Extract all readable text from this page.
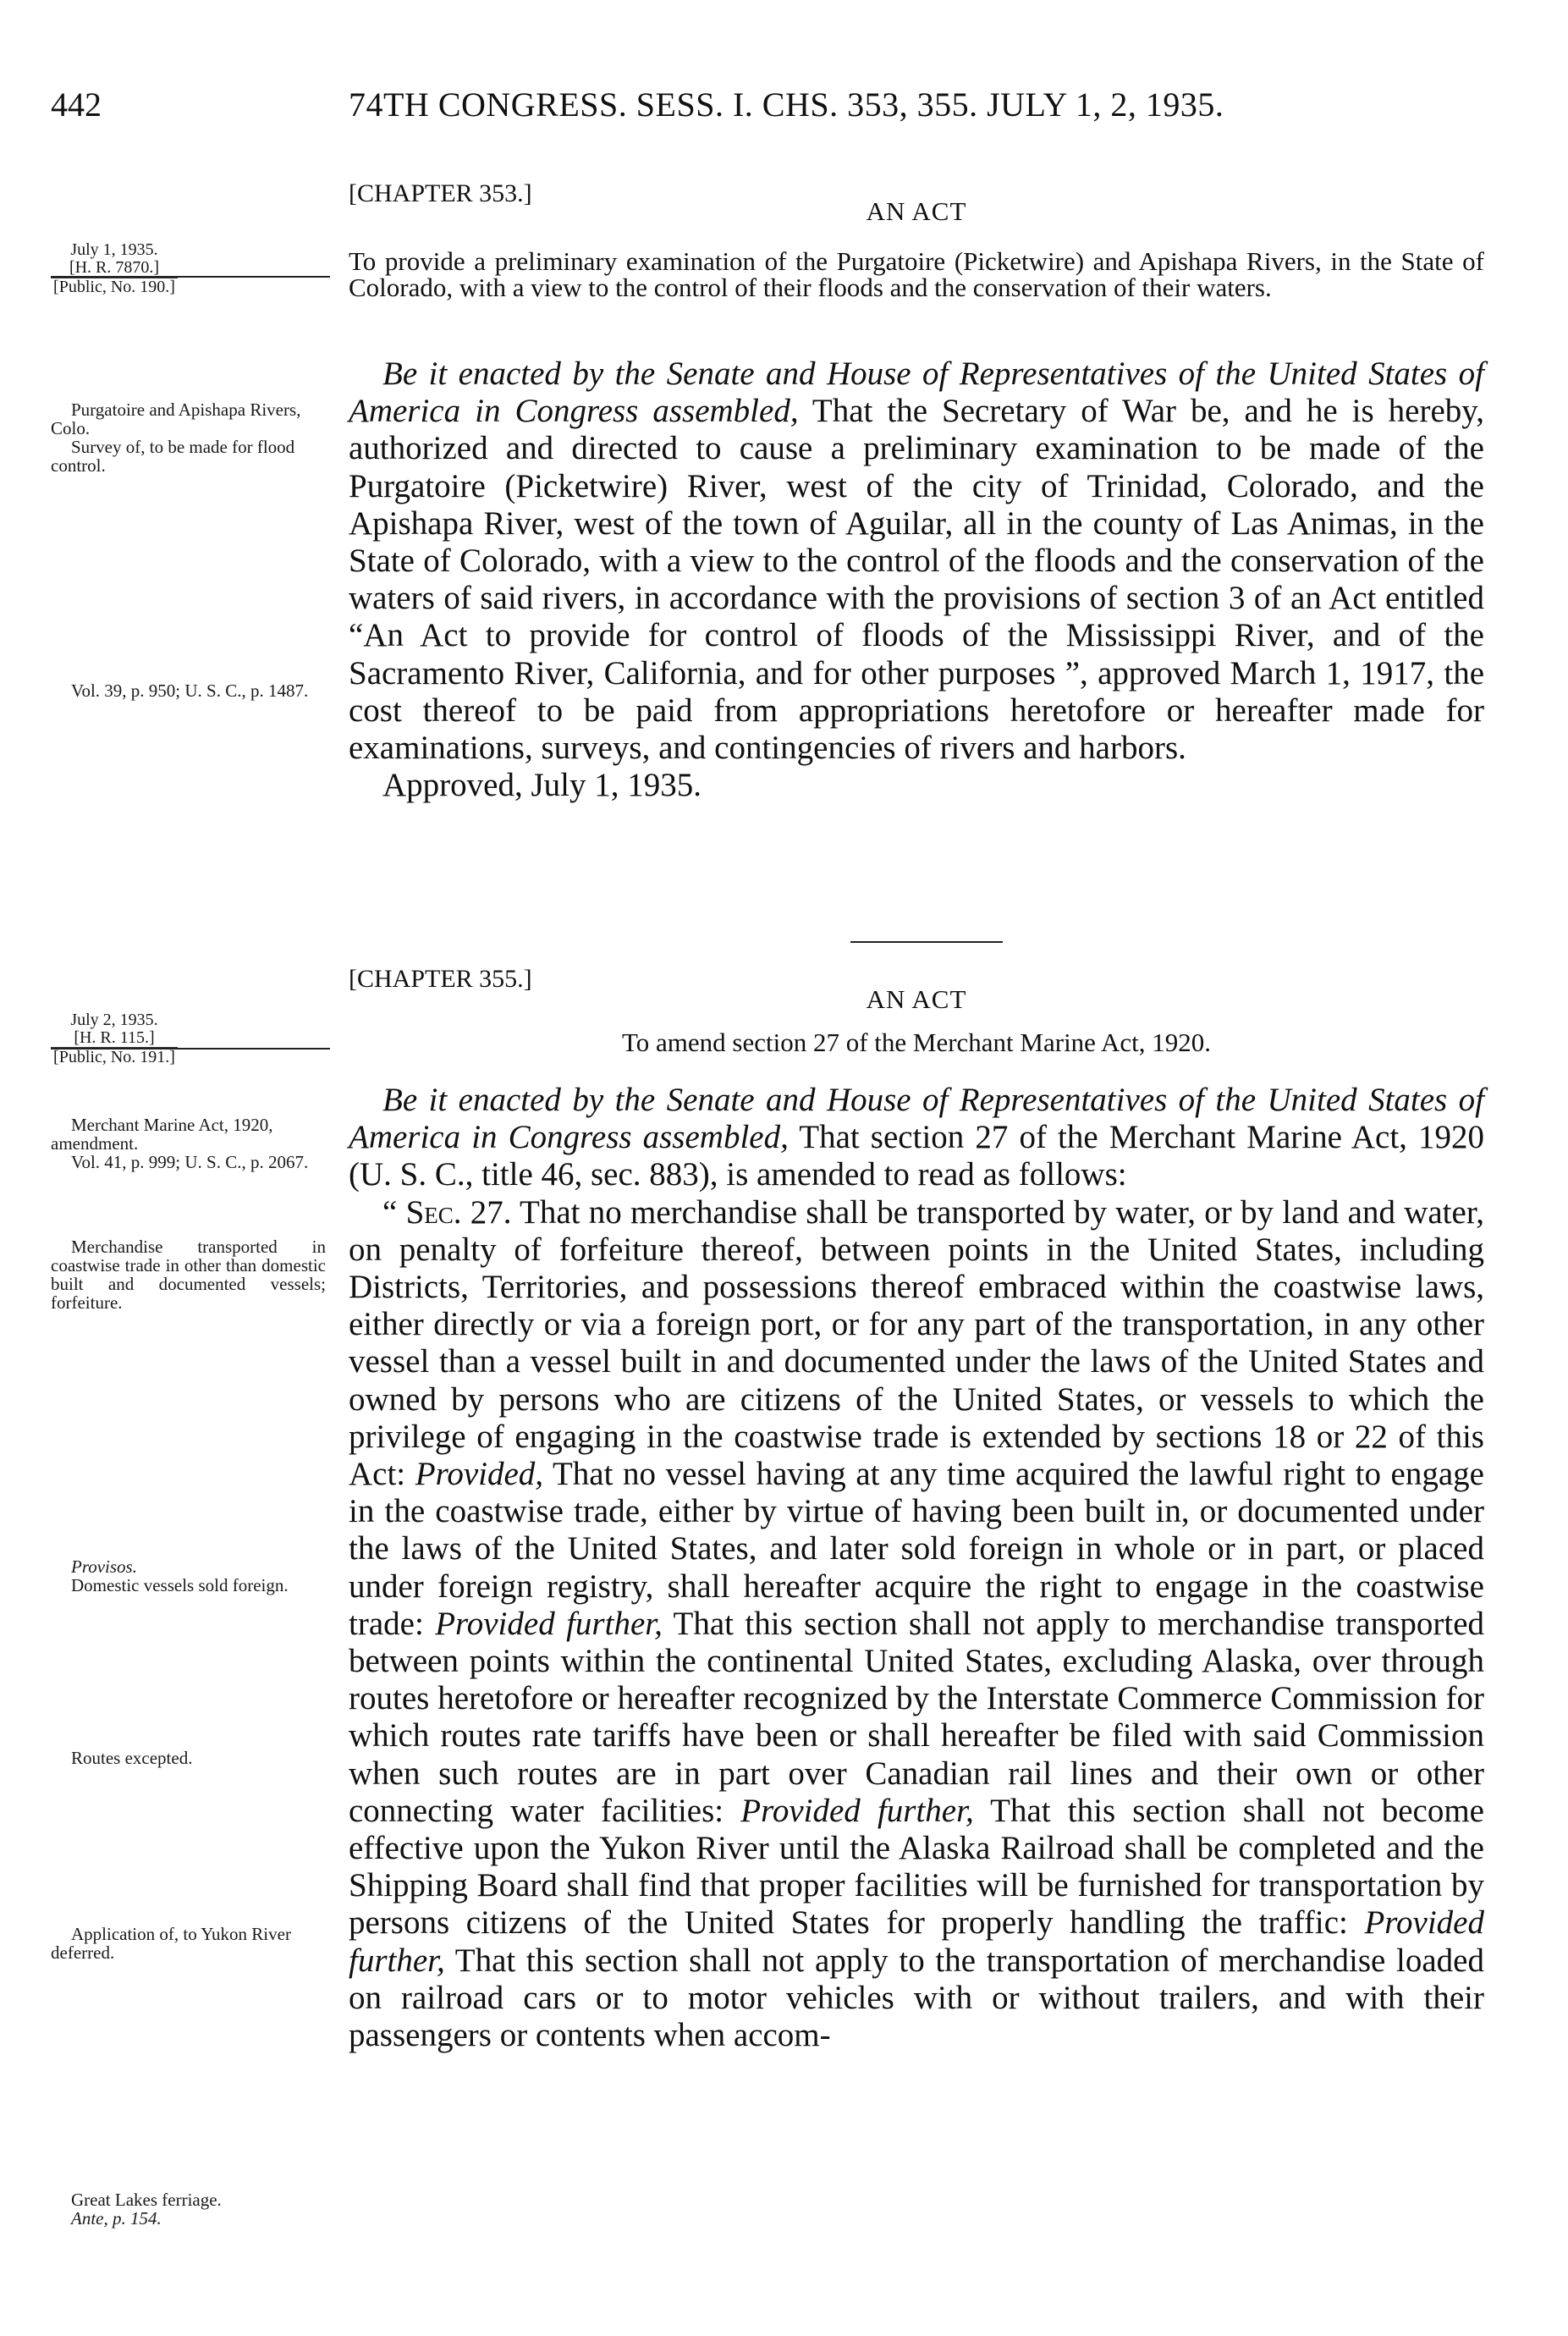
442	74TH CONGRESS. SESS. I. CHS. 353, 355. JULY 1, 2, 1935.
[CHAPTER 353.]
AN ACT
July 1, 1935.
[H. R. 7870.]
[Public, No. 190.]
To provide a preliminary examination of the Purgatoire (Picketwire) and Apishapa Rivers, in the State of Colorado, with a view to the control of their floods and the conservation of their waters.
Purgatoire and Apishapa Rivers, Colo.
Survey of, to be made for flood control.
Vol. 39, p. 950; U. S. C., p. 1487.

Be it enacted by the Senate and House of Representatives of the United States of America in Congress assembled, That the Secretary of War be, and he is hereby, authorized and directed to cause a preliminary examination to be made of the Purgatoire (Picketwire) River, west of the city of Trinidad, Colorado, and the Apishapa River, west of the town of Aguilar, all in the county of Las Animas, in the State of Colorado, with a view to the control of the floods and the conservation of the waters of said rivers, in accordance with the provisions of section 3 of an Act entitled “An Act to provide for control of floods of the Mississippi River, and of the Sacramento River, California, and for other purposes ”, approved March 1, 1917, the cost thereof to be paid from appropriations heretofore or hereafter made for examinations, surveys, and contingencies of rivers and harbors.

Approved, July 1, 1935.

[CHAPTER 355.]
AN ACT
July 2, 1935.
[H. R. 115.]
[Public, No. 191.]	To amend section 27 of the Merchant Marine Act, 1920.
Merchant Marine Act, 1920, amendment.
Vol. 41, p. 999; U. S. C., p. 2067.
Merchandise transported in coastwise trade in other than domestic built and documented vessels; forfeiture.
Provisos.
Domestic vessels sold foreign.
Routes excepted.
Application of, to Yukon River deferred.
Great Lakes ferriage.
Ante, p. 154.

Be it enacted by the Senate and House of Representatives of the United States of America in Congress assembled, That section 27 of the Merchant Marine Act, 1920 (U. S. C., title 46, sec. 883), is amended to read as follows:

“ Sec. 27. That no merchandise shall be transported by water, or by land and water, on penalty of forfeiture thereof, between points in the United States, including Districts, Territories, and possessions thereof embraced within the coastwise laws, either directly or via a foreign port, or for any part of the transportation, in any other vessel than a vessel built in and documented under the laws of the United States and owned by persons who are citizens of the United States, or vessels to which the privilege of engaging in the coastwise trade is extended by sections 18 or 22 of this Act: Provided, That no vessel having at any time acquired the lawful right to engage in the coastwise trade, either by virtue of having been built in, or documented under the laws of the United States, and later sold foreign in whole or in part, or placed under foreign registry, shall hereafter acquire the right to engage in the coastwise trade: Provided further, That this section shall not apply to merchandise transported between points within the continental United States, excluding Alaska, over through routes heretofore or hereafter recognized by the Interstate Commerce Commission for which routes rate tariffs have been or shall hereafter be filed with said Commission when such routes are in part over Canadian rail lines and their own or other connecting water facilities: Provided further, That this section shall not become effective upon the Yukon River until the Alaska Railroad shall be completed and the Shipping Board shall find that proper facilities will be furnished for transportation by persons citizens of the United States for properly handling the traffic: Provided further, That this section shall not apply to the transportation of merchandise loaded on railroad cars or to motor vehicles with or without trailers, and with their passengers or contents when accom-
